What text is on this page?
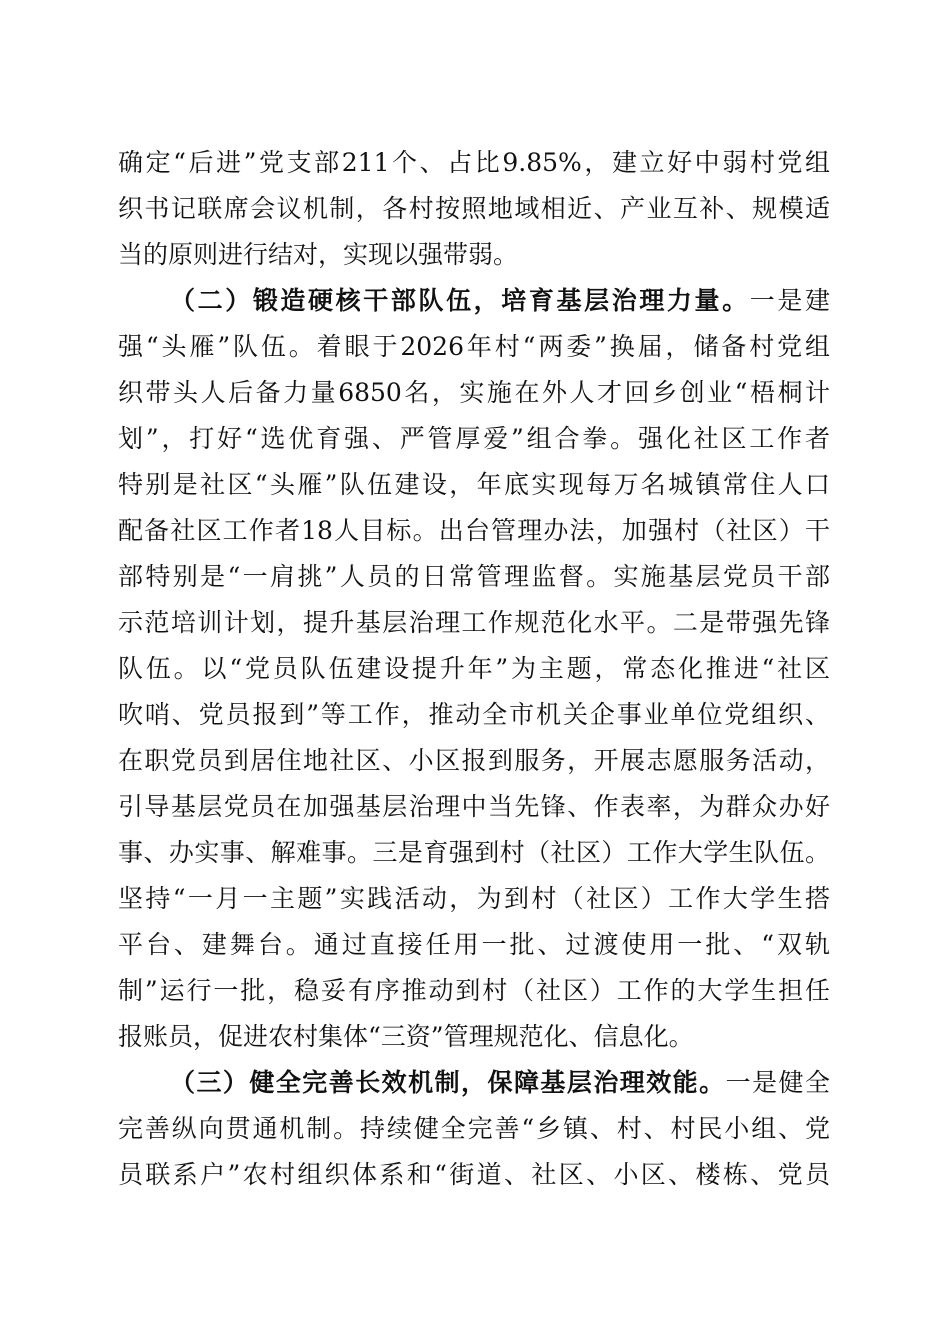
确定“后进”党支部211个、占比9.85%，建立好中弱村党组
织书记联席会议机制，各村按照地域相近、产业互补、规模适
当的原则进行结对，实现以强带弱。
（二）锻造硬核干部队伍，培育基层治理力量。一是建
强“头雁”队伍。着眼于2026年村“两委”换届，储备村党组
织带头人后备力量6850名，实施在外人才回乡创业“梧桐计
划”，打好“选优育强、严管厚爱”组合拳。强化社区工作者
特别是社区“头雁”队伍建设，年底实现每万名城镇常住人口
配备社区工作者18人目标。出台管理办法，加强村（社区）干
部特别是“一肩挑”人员的日常管理监督。实施基层党员干部
示范培训计划，提升基层治理工作规范化水平。二是带强先锋
队伍。以“党员队伍建设提升年”为主题，常态化推进“社区
吹哨、党员报到”等工作，推动全市机关企事业单位党组织、
在职党员到居住地社区、小区报到服务，开展志愿服务活动，
引导基层党员在加强基层治理中当先锋、作表率，为群众办好
事、办实事、解难事。三是育强到村（社区）工作大学生队伍。
坚持“一月一主题”实践活动，为到村（社区）工作大学生搭
平台、建舞台。通过直接任用一批、过渡使用一批、“双轨
制”运行一批，稳妥有序推动到村（社区）工作的大学生担任
报账员，促进农村集体“三资”管理规范化、信息化。
（三）健全完善长效机制，保障基层治理效能。一是健全
完善纵向贯通机制。持续健全完善“乡镇、村、村民小组、党
员联系户”农村组织体系和“街道、社区、小区、楼栋、党员
